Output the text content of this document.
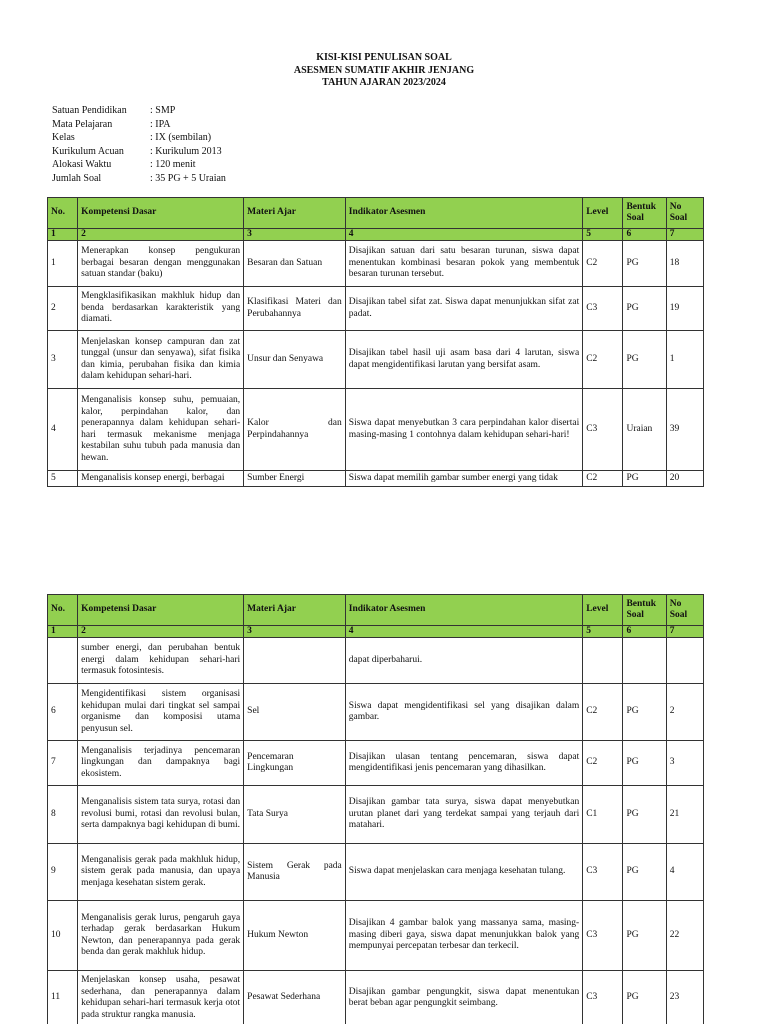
KISI-KISI PENULISAN SOAL
ASESMEN SUMATIF AKHIR JENJANG
TAHUN AJARAN 2023/2024
Satuan Pendidikan	: SMP
Mata Pelajaran	: IPA
Kelas	: IX (sembilan)
Kurikulum Acuan	: Kurikulum 2013
Alokasi Waktu	: 120 menit
Jumlah Soal	: 35 PG + 5 Uraian
No.	Kompetensi Dasar	Materi Ajar	Indikator Asesmen	Level	Bentuk Soal	No Soal
1	2	3	4	5	6	7
1	Menerapkan konsep pengukuran berbagai besaran dengan menggunakan satuan standar (baku)	Besaran dan Satuan	Disajikan satuan dari satu besaran turunan, siswa dapat menentukan kombinasi besaran pokok yang membentuk besaran turunan tersebut.	C2	PG	18
2	Mengklasifikasikan makhluk hidup dan benda berdasarkan karakteristik yang diamati.	Klasifikasi Materi dan Perubahannya	Disajikan tabel sifat zat. Siswa dapat menunjukkan sifat zat padat.	C3	PG	19
3	Menjelaskan konsep campuran dan zat tunggal (unsur dan senyawa), sifat fisika dan kimia, perubahan fisika dan kimia dalam kehidupan sehari-hari.	Unsur dan Senyawa	Disajikan tabel hasil uji asam basa dari 4 larutan, siswa dapat mengidentifikasi larutan yang bersifat asam.	C2	PG	1
4	Menganalisis konsep suhu, pemuaian, kalor, perpindahan kalor, dan penerapannya dalam kehidupan sehari-hari termasuk mekanisme menjaga kestabilan suhu tubuh pada manusia dan hewan.	Kalor dan Perpindahannya	Siswa dapat menyebutkan 3 cara perpindahan kalor disertai masing-masing 1 contohnya dalam kehidupan sehari-hari!	C3	Uraian	39
5	Menganalisis konsep energi, berbagai	Sumber Energi	Siswa dapat memilih gambar sumber energi yang tidak	C2	PG	20
No.	Kompetensi Dasar	Materi Ajar	Indikator Asesmen	Level	Bentuk Soal	No Soal
1	2	3	4	5	6	7
	sumber energi, dan perubahan bentuk energi dalam kehidupan sehari-hari termasuk fotosintesis.		dapat diperbaharui.			
6	Mengidentifikasi sistem organisasi kehidupan mulai dari tingkat sel sampai organisme dan komposisi utama penyusun sel.	Sel	Siswa dapat mengidentifikasi sel yang disajikan dalam gambar.	C2	PG	2
7	Menganalisis terjadinya pencemaran lingkungan dan dampaknya bagi ekosistem.	Pencemaran Lingkungan	Disajikan ulasan tentang pencemaran, siswa dapat mengidentifikasi jenis pencemaran yang dihasilkan.	C2	PG	3
8	Menganalisis sistem tata surya, rotasi dan revolusi bumi, rotasi dan revolusi bulan, serta dampaknya bagi kehidupan di bumi.	Tata Surya	Disajikan gambar tata surya, siswa dapat menyebutkan urutan planet dari yang terdekat sampai yang terjauh dari matahari.	C1	PG	21
9	Menganalisis gerak pada makhluk hidup, sistem gerak pada manusia, dan upaya menjaga kesehatan sistem gerak.	Sistem Gerak pada Manusia	Siswa dapat menjelaskan cara menjaga kesehatan tulang.	C3	PG	4
10	Menganalisis gerak lurus, pengaruh gaya terhadap gerak berdasarkan Hukum Newton, dan penerapannya pada gerak benda dan gerak makhluk hidup.	Hukum Newton	Disajikan 4 gambar balok yang massanya sama, masing-masing diberi gaya, siswa dapat menunjukkan balok yang mempunyai percepatan terbesar dan terkecil.	C3	PG	22
11	Menjelaskan konsep usaha, pesawat sederhana, dan penerapannya dalam kehidupan sehari-hari termasuk kerja otot pada struktur rangka manusia.	Pesawat Sederhana	Disajikan gambar pengungkit, siswa dapat menentukan berat beban agar pengungkit seimbang.	C3	PG	23
